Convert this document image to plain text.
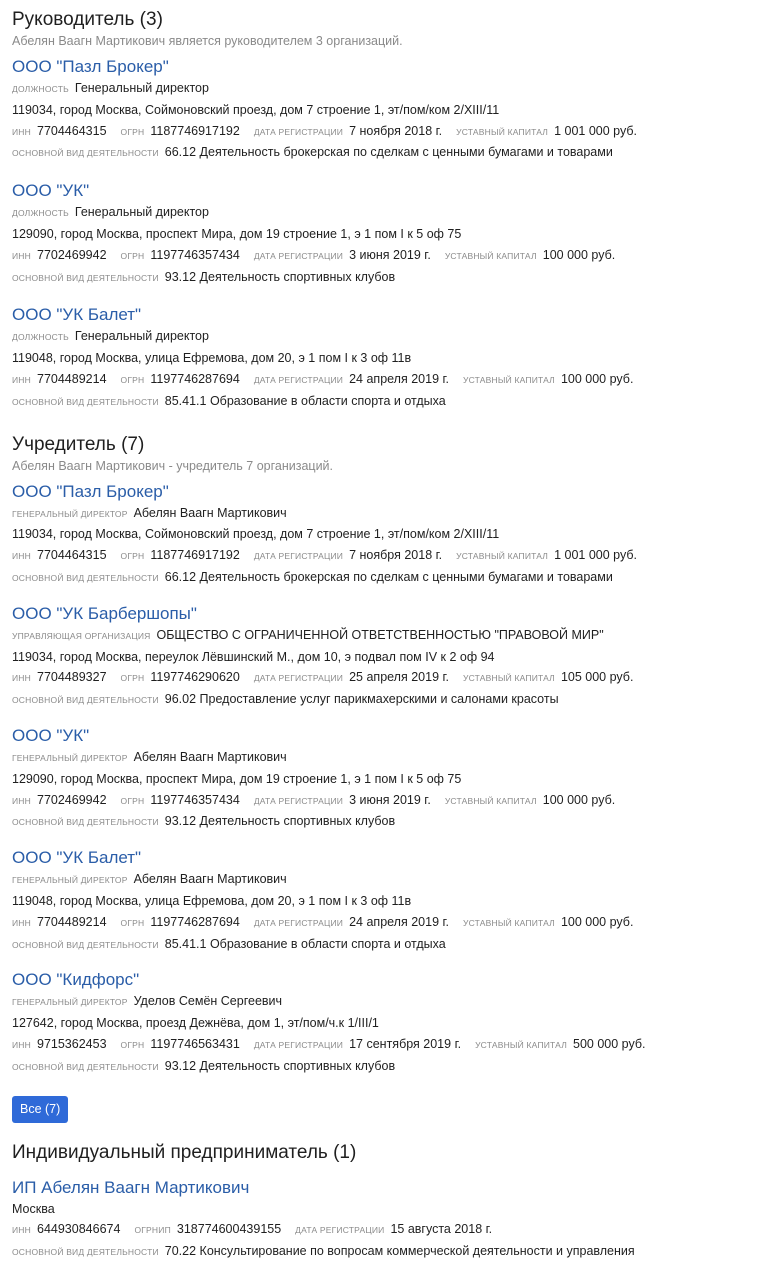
Руководитель (3)
Абелян Ваагн Мартикович является руководителем 3 организаций.
ООО "Пазл Брокер"
ДОЛЖНОСТЬ Генеральный директор
119034, город Москва, Соймоновский проезд, дом 7 строение 1, эт/пом/ком 2/XIII/11
ИНН 7704464315 ОГРН 1187746917192 ДАТА РЕГИСТРАЦИИ 7 ноября 2018 г. УСТАВНЫЙ КАПИТАЛ 1 001 000 руб.
ОСНОВНОЙ ВИД ДЕЯТЕЛЬНОСТИ 66.12 Деятельность брокерская по сделкам с ценными бумагами и товарами
ООО "УК"
ДОЛЖНОСТЬ Генеральный директор
129090, город Москва, проспект Мира, дом 19 строение 1, э 1 пом I к 5 оф 75
ИНН 7702469942 ОГРН 1197746357434 ДАТА РЕГИСТРАЦИИ 3 июня 2019 г. УСТАВНЫЙ КАПИТАЛ 100 000 руб.
ОСНОВНОЙ ВИД ДЕЯТЕЛЬНОСТИ 93.12 Деятельность спортивных клубов
ООО "УК Балет"
ДОЛЖНОСТЬ Генеральный директор
119048, город Москва, улица Ефремова, дом 20, э 1 пом I к 3 оф 11в
ИНН 7704489214 ОГРН 1197746287694 ДАТА РЕГИСТРАЦИИ 24 апреля 2019 г. УСТАВНЫЙ КАПИТАЛ 100 000 руб.
ОСНОВНОЙ ВИД ДЕЯТЕЛЬНОСТИ 85.41.1 Образование в области спорта и отдыха
Учредитель (7)
Абелян Ваагн Мартикович - учредитель 7 организаций.
ООО "Пазл Брокер"
ГЕНЕРАЛЬНЫЙ ДИРЕКТОР Абелян Ваагн Мартикович
119034, город Москва, Соймоновский проезд, дом 7 строение 1, эт/пом/ком 2/XIII/11
ИНН 7704464315 ОГРН 1187746917192 ДАТА РЕГИСТРАЦИИ 7 ноября 2018 г. УСТАВНЫЙ КАПИТАЛ 1 001 000 руб.
ОСНОВНОЙ ВИД ДЕЯТЕЛЬНОСТИ 66.12 Деятельность брокерская по сделкам с ценными бумагами и товарами
ООО "УК Барбершопы"
УПРАВЛЯЮЩАЯ ОРГАНИЗАЦИЯ ОБЩЕСТВО С ОГРАНИЧЕННОЙ ОТВЕТСТВЕННОСТЬЮ "ПРАВОВОЙ МИР"
119034, город Москва, переулок Лёвшинский М., дом 10, э подвал пом IV к 2 оф 94
ИНН 7704489327 ОГРН 1197746290620 ДАТА РЕГИСТРАЦИИ 25 апреля 2019 г. УСТАВНЫЙ КАПИТАЛ 105 000 руб.
ОСНОВНОЙ ВИД ДЕЯТЕЛЬНОСТИ 96.02 Предоставление услуг парикмахерскими и салонами красоты
ООО "УК"
ГЕНЕРАЛЬНЫЙ ДИРЕКТОР Абелян Ваагн Мартикович
129090, город Москва, проспект Мира, дом 19 строение 1, э 1 пом I к 5 оф 75
ИНН 7702469942 ОГРН 1197746357434 ДАТА РЕГИСТРАЦИИ 3 июня 2019 г. УСТАВНЫЙ КАПИТАЛ 100 000 руб.
ОСНОВНОЙ ВИД ДЕЯТЕЛЬНОСТИ 93.12 Деятельность спортивных клубов
ООО "УК Балет"
ГЕНЕРАЛЬНЫЙ ДИРЕКТОР Абелян Ваагн Мартикович
119048, город Москва, улица Ефремова, дом 20, э 1 пом I к 3 оф 11в
ИНН 7704489214 ОГРН 1197746287694 ДАТА РЕГИСТРАЦИИ 24 апреля 2019 г. УСТАВНЫЙ КАПИТАЛ 100 000 руб.
ОСНОВНОЙ ВИД ДЕЯТЕЛЬНОСТИ 85.41.1 Образование в области спорта и отдыха
ООО "Кидфорс"
ГЕНЕРАЛЬНЫЙ ДИРЕКТОР Уделов Семён Сергеевич
127642, город Москва, проезд Дежнёва, дом 1, эт/пом/ч.к 1/III/1
ИНН 9715362453 ОГРН 1197746563431 ДАТА РЕГИСТРАЦИИ 17 сентября 2019 г. УСТАВНЫЙ КАПИТАЛ 500 000 руб.
ОСНОВНОЙ ВИД ДЕЯТЕЛЬНОСТИ 93.12 Деятельность спортивных клубов
Все (7)
Индивидуальный предприниматель (1)
ИП Абелян Ваагн Мартикович
Москва
ИНН 644930846674 ОГРНИП 318774600439155 ДАТА РЕГИСТРАЦИИ 15 августа 2018 г.
ОСНОВНОЙ ВИД ДЕЯТЕЛЬНОСТИ 70.22 Консультирование по вопросам коммерческой деятельности и управления
